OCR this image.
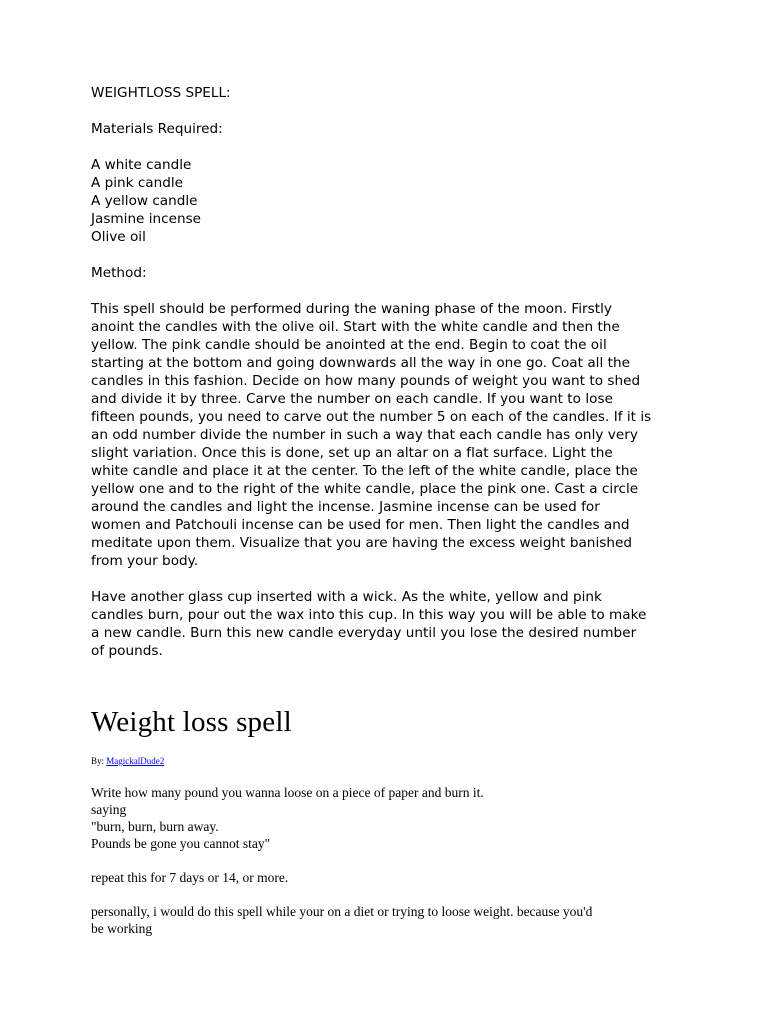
WEIGHTLOSS SPELL:

Materials Required:

A white candle
A pink candle
A yellow candle
Jasmine incense
Olive oil

Method:

This spell should be performed during the waning phase of the moon. Firstly

anoint the candles with the olive oil. Start with the white candle and then the

yellow. The pink candle should be anointed at the end. Begin to coat the oil

starting at the bottom and going downwards all the way in one go. Coat all the

candles in this fashion. Decide on how many pounds of weight you want to shed

and divide it by three. Carve the number on each candle. If you want to lose

fifteen pounds, you need to carve out the number 5 on each of the candles. If it is

an odd number divide the number in such a way that each candle has only very

slight variation. Once this is done, set up an altar on a flat surface. Light the

white candle and place it at the center. To the left of the white candle, place the

yellow one and to the right of the white candle, place the pink one. Cast a circle

around the candles and light the incense. Jasmine incense can be used for

women and Patchouli incense can be used for men. Then light the candles and

meditate upon them. Visualize that you are having the excess weight banished

from your body.

Have another glass cup inserted with a wick. As the white, yellow and pink

candles burn, pour out the wax into this cup. In this way you will be able to make

a new candle. Burn this new candle everyday until you lose the desired number

of pounds.

Weight loss spell
By: MagickalDude2

Write how many pound you wanna loose on a piece of paper and burn it.

saying

"burn, burn, burn away.

Pounds be gone you cannot stay"

repeat this for 7 days or 14, or more.

personally, i would do this spell while your on a diet or trying to loose weight. because you'd

be working
